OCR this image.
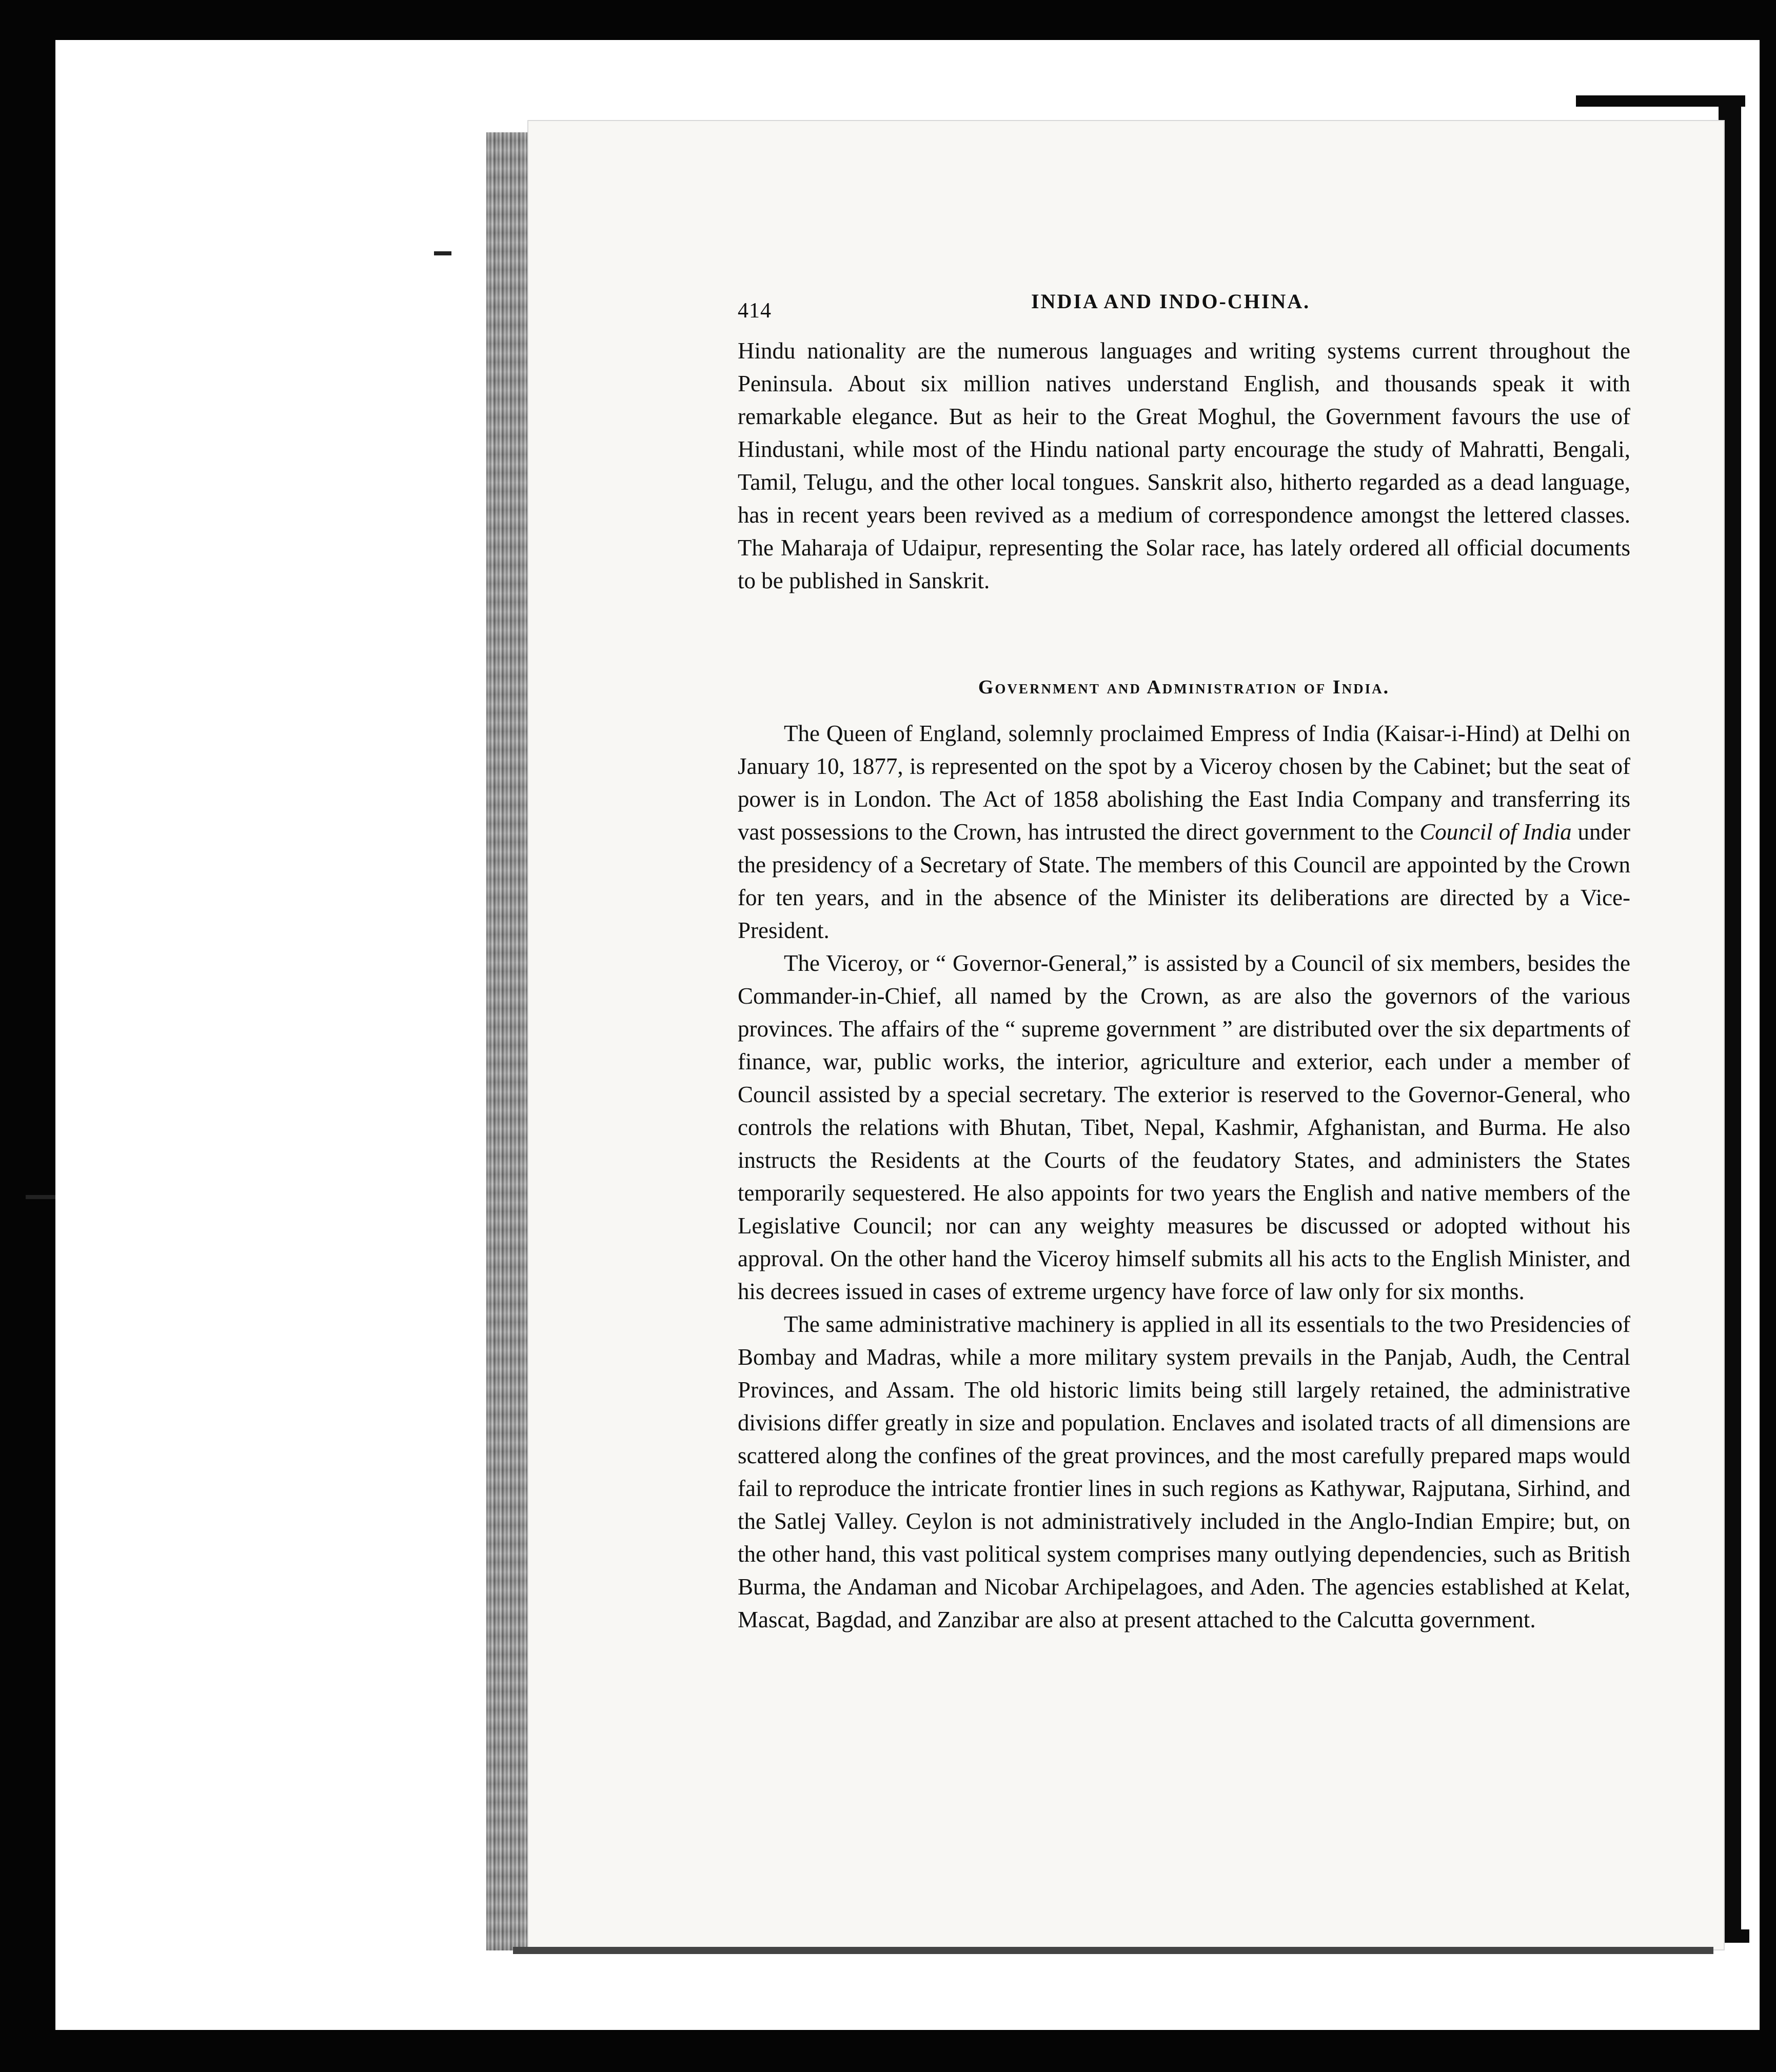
414	INDIA AND INDO-CHINA.

Hindu nationality are the numerous languages and writing systems current throughout the Peninsula. About six million natives understand English, and thousands speak it with remarkable elegance. But as heir to the Great Moghul, the Government favours the use of Hindustani, while most of the Hindu national party encourage the study of Mahratti, Bengali, Tamil, Telugu, and the other local tongues. Sanskrit also, hitherto regarded as a dead language, has in recent years been revived as a medium of correspondence amongst the lettered classes. The Maharaja of Udaipur, representing the Solar race, has lately ordered all official documents to be published in Sanskrit.

Government and Administration of India.

The Queen of England, solemnly proclaimed Empress of India (Kaisar-i-Hind) at Delhi on January 10, 1877, is represented on the spot by a Viceroy chosen by the Cabinet; but the seat of power is in London. The Act of 1858 abolishing the East India Company and transferring its vast possessions to the Crown, has intrusted the direct government to the Council of India under the presidency of a Secretary of State. The members of this Council are appointed by the Crown for ten years, and in the absence of the Minister its deliberations are directed by a Vice-President.

The Viceroy, or “ Governor-General,” is assisted by a Council of six members, besides the Commander-in-Chief, all named by the Crown, as are also the governors of the various provinces. The affairs of the “ supreme government ” are distributed over the six departments of finance, war, public works, the interior, agriculture and exterior, each under a member of Council assisted by a special secretary. The exterior is reserved to the Governor-General, who controls the relations with Bhutan, Tibet, Nepal, Kashmir, Afghanistan, and Burma. He also instructs the Residents at the Courts of the feudatory States, and administers the States temporarily sequestered. He also appoints for two years the English and native members of the Legislative Council; nor can any weighty measures be discussed or adopted without his approval. On the other hand the Viceroy himself submits all his acts to the English Minister, and his decrees issued in cases of extreme urgency have force of law only for six months.

The same administrative machinery is applied in all its essentials to the two Presidencies of Bombay and Madras, while a more military system prevails in the Panjab, Audh, the Central Provinces, and Assam. The old historic limits being still largely retained, the administrative divisions differ greatly in size and population. Enclaves and isolated tracts of all dimensions are scattered along the confines of the great provinces, and the most carefully prepared maps would fail to reproduce the intricate frontier lines in such regions as Kathywar, Rajputana, Sirhind, and the Satlej Valley. Ceylon is not administratively included in the Anglo-Indian Empire; but, on the other hand, this vast political system comprises many outlying dependencies, such as British Burma, the Andaman and Nicobar Archipelagoes, and Aden. The agencies established at Kelat, Mascat, Bagdad, and Zanzibar are also at present attached to the Calcutta government.
